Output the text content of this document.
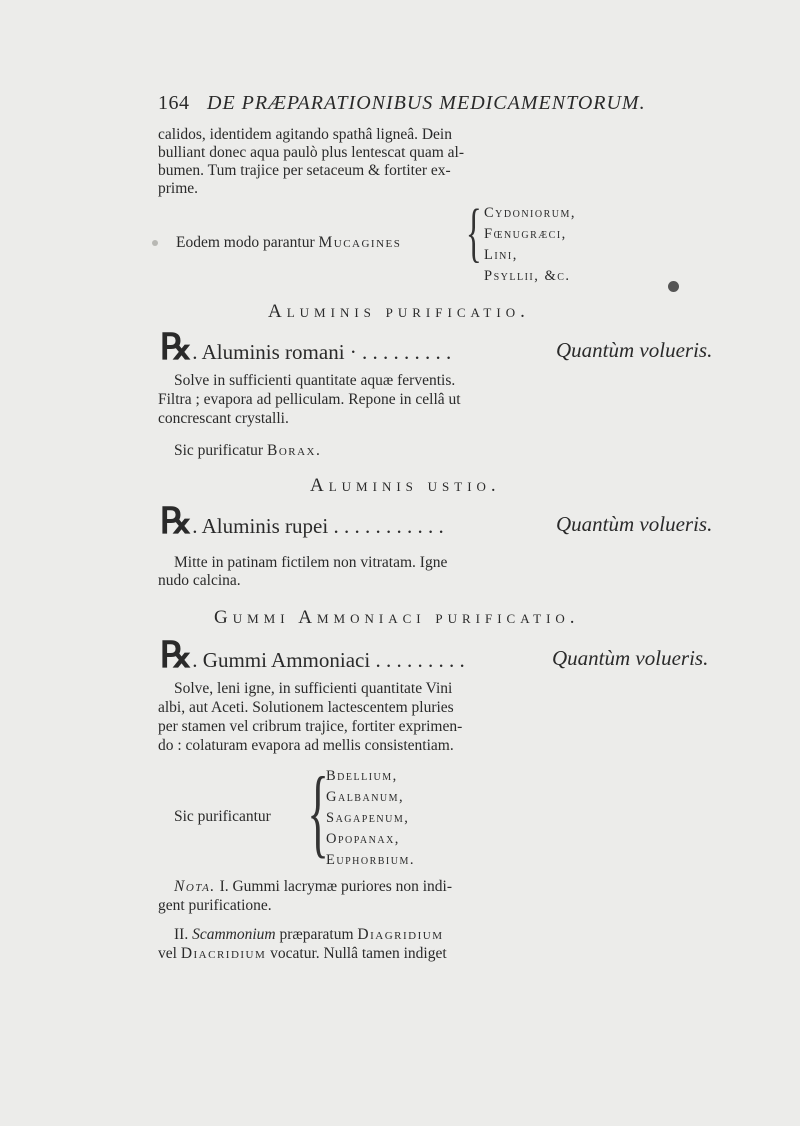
164 DE PRÆPARATIONIBUS MEDICAMENTORUM.
calidos, identidem agitando spathâ ligneâ. Dein
bulliant donec aqua paulò plus lentescat quam al-
bumen. Tum trajice per setaceum & fortiter ex-
prime.
Eodem modo parantur Mucagines { Cydoniorum,
Fœnugræci,
Lini,
Psyllii, &c.
Aluminis purificatio.
℞. Aluminis romani · . . . . . . . . .	Quantùm volueris.
Solve in sufficienti quantitate aquæ ferventis.
Filtra ; evapora ad pelliculam. Repone in cellâ ut
concrescant crystalli.
Sic purificatur Borax.
Aluminis ustio.
℞. Aluminis rupei . . . . . . . . . . .	Quantùm volueris.
Mitte in patinam fictilem non vitratam. Igne
nudo calcina.
Gummi Ammoniaci purificatio.
℞. Gummi Ammoniaci . . . . . . . . .	Quantùm volueris.
Solve, leni igne, in sufficienti quantitate Vini
albi, aut Aceti. Solutionem lactescentem pluries
per stamen vel cribrum trajice, fortiter exprimen-
do : colaturam evapora ad mellis consistentiam.
Sic purificantur {
Bdellium,
Galbanum,
Sagapenum,
Opopanax,
Euphorbium.
Nota. I. Gummi lacrymæ puriores non indi-
gent purificatione.
II. Scammonium præparatum Diagridium
vel Diacridium vocatur. Nullâ tamen indiget
